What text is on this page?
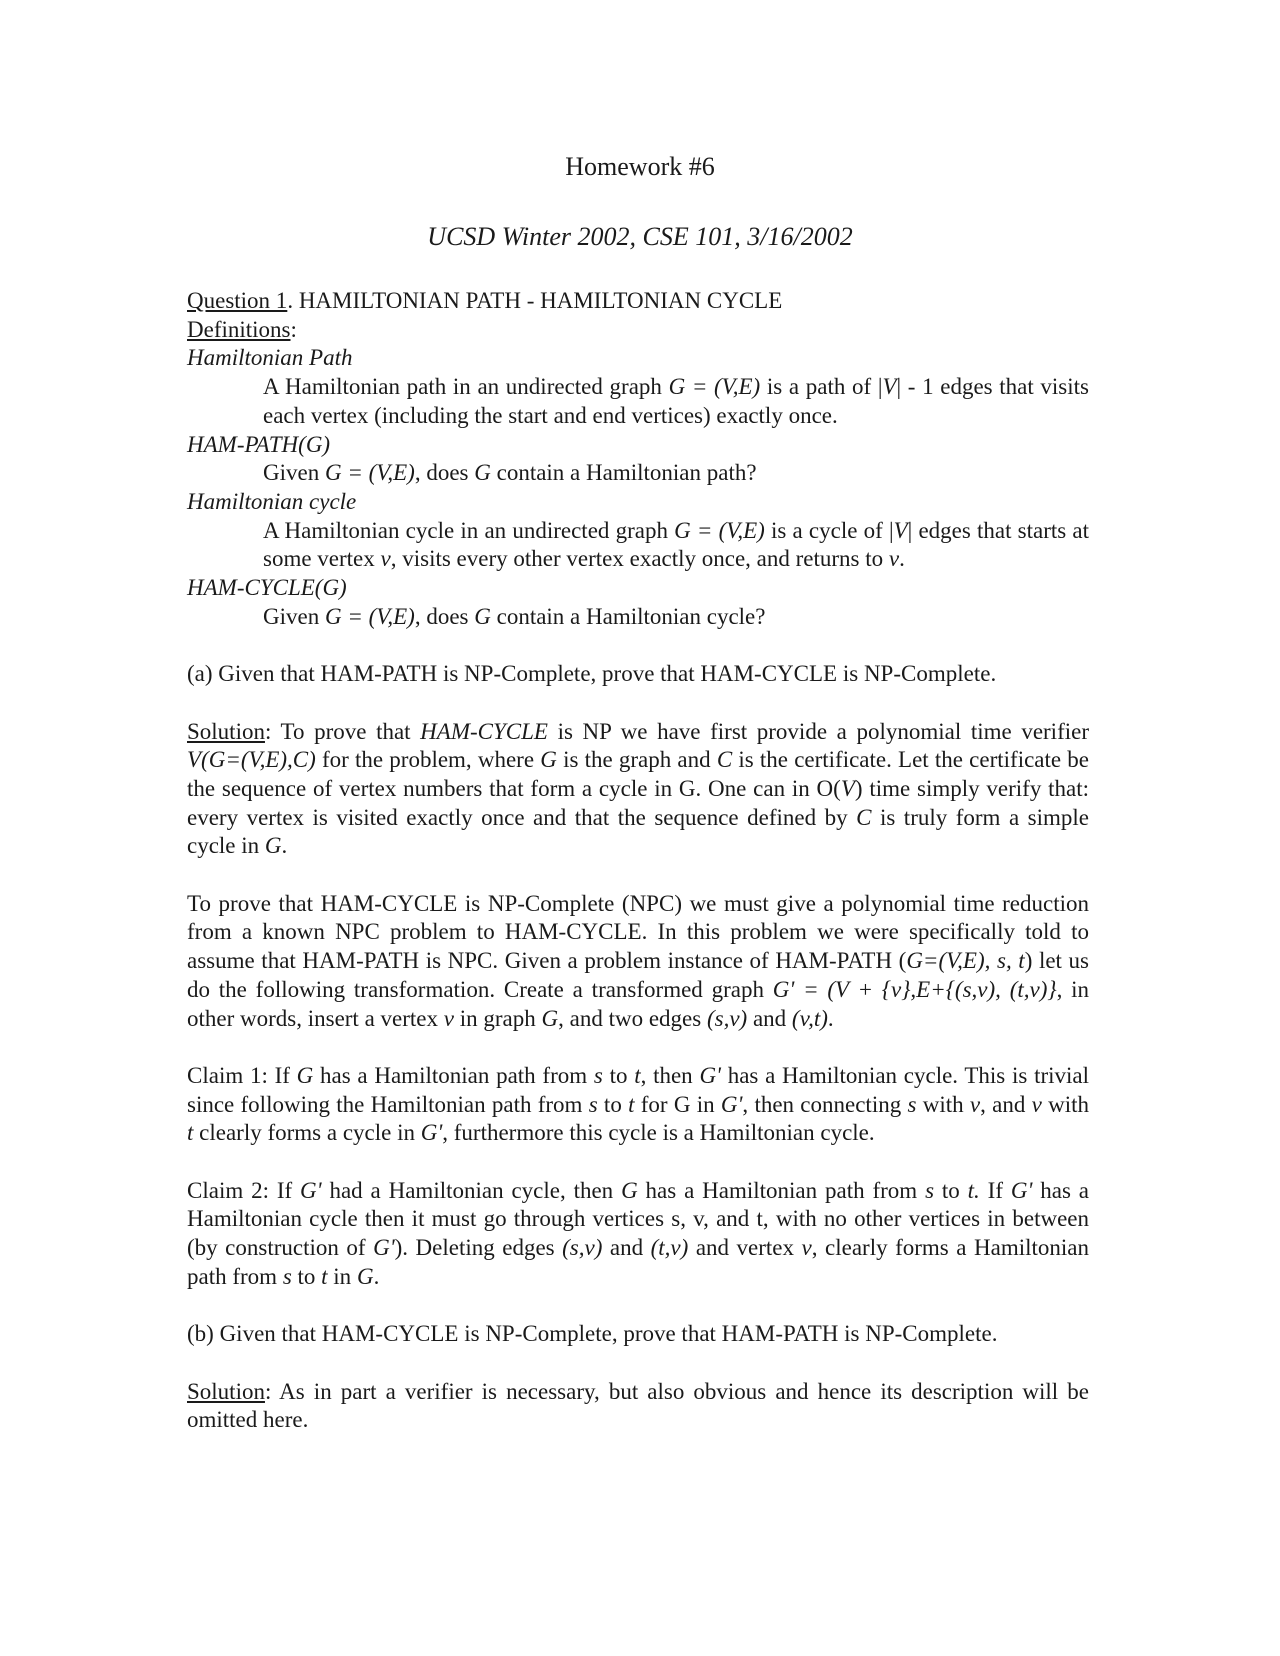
Homework #6
UCSD Winter 2002, CSE 101, 3/16/2002

Question 1. HAMILTONIAN PATH - HAMILTONIAN CYCLE

Definitions:

Hamiltonian Path

A Hamiltonian path in an undirected graph G = (V,E) is a path of |V| - 1 edges that visits each vertex (including the start and end vertices) exactly once.

HAM-PATH(G)

Given G = (V,E), does G contain a Hamiltonian path?

Hamiltonian cycle

A Hamiltonian cycle in an undirected graph G = (V,E) is a cycle of |V| edges that starts at some vertex v, visits every other vertex exactly once, and returns to v.

HAM-CYCLE(G)

Given G = (V,E), does G contain a Hamiltonian cycle?

(a) Given that HAM-PATH is NP-Complete, prove that HAM-CYCLE is NP-Complete.

Solution: To prove that HAM-CYCLE is NP we have first provide a polynomial time verifier V(G=(V,E),C) for the problem, where G is the graph and C is the certificate. Let the certificate be the sequence of vertex numbers that form a cycle in G. One can in O(V) time simply verify that: every vertex is visited exactly once and that the sequence defined by C is truly form a simple cycle in G.

To prove that HAM-CYCLE is NP-Complete (NPC) we must give a polynomial time reduction from a known NPC problem to HAM-CYCLE. In this problem we were specifically told to assume that HAM-PATH is NPC. Given a problem instance of HAM-PATH (G=(V,E), s, t) let us do the following transformation. Create a transformed graph G' = (V + {v},E+{(s,v), (t,v)}, in other words, insert a vertex v in graph G, and two edges (s,v) and (v,t).

Claim 1: If G has a Hamiltonian path from s to t, then G' has a Hamiltonian cycle. This is trivial since following the Hamiltonian path from s to t for G in G', then connecting s with v, and v with t clearly forms a cycle in G', furthermore this cycle is a Hamiltonian cycle.

Claim 2: If G' had a Hamiltonian cycle, then G has a Hamiltonian path from s to t. If G' has a Hamiltonian cycle then it must go through vertices s, v, and t, with no other vertices in between (by construction of G'). Deleting edges (s,v) and (t,v) and vertex v, clearly forms a Hamiltonian path from s to t in G.

(b) Given that HAM-CYCLE is NP-Complete, prove that HAM-PATH is NP-Complete.

Solution: As in part a verifier is necessary, but also obvious and hence its description will be omitted here.
